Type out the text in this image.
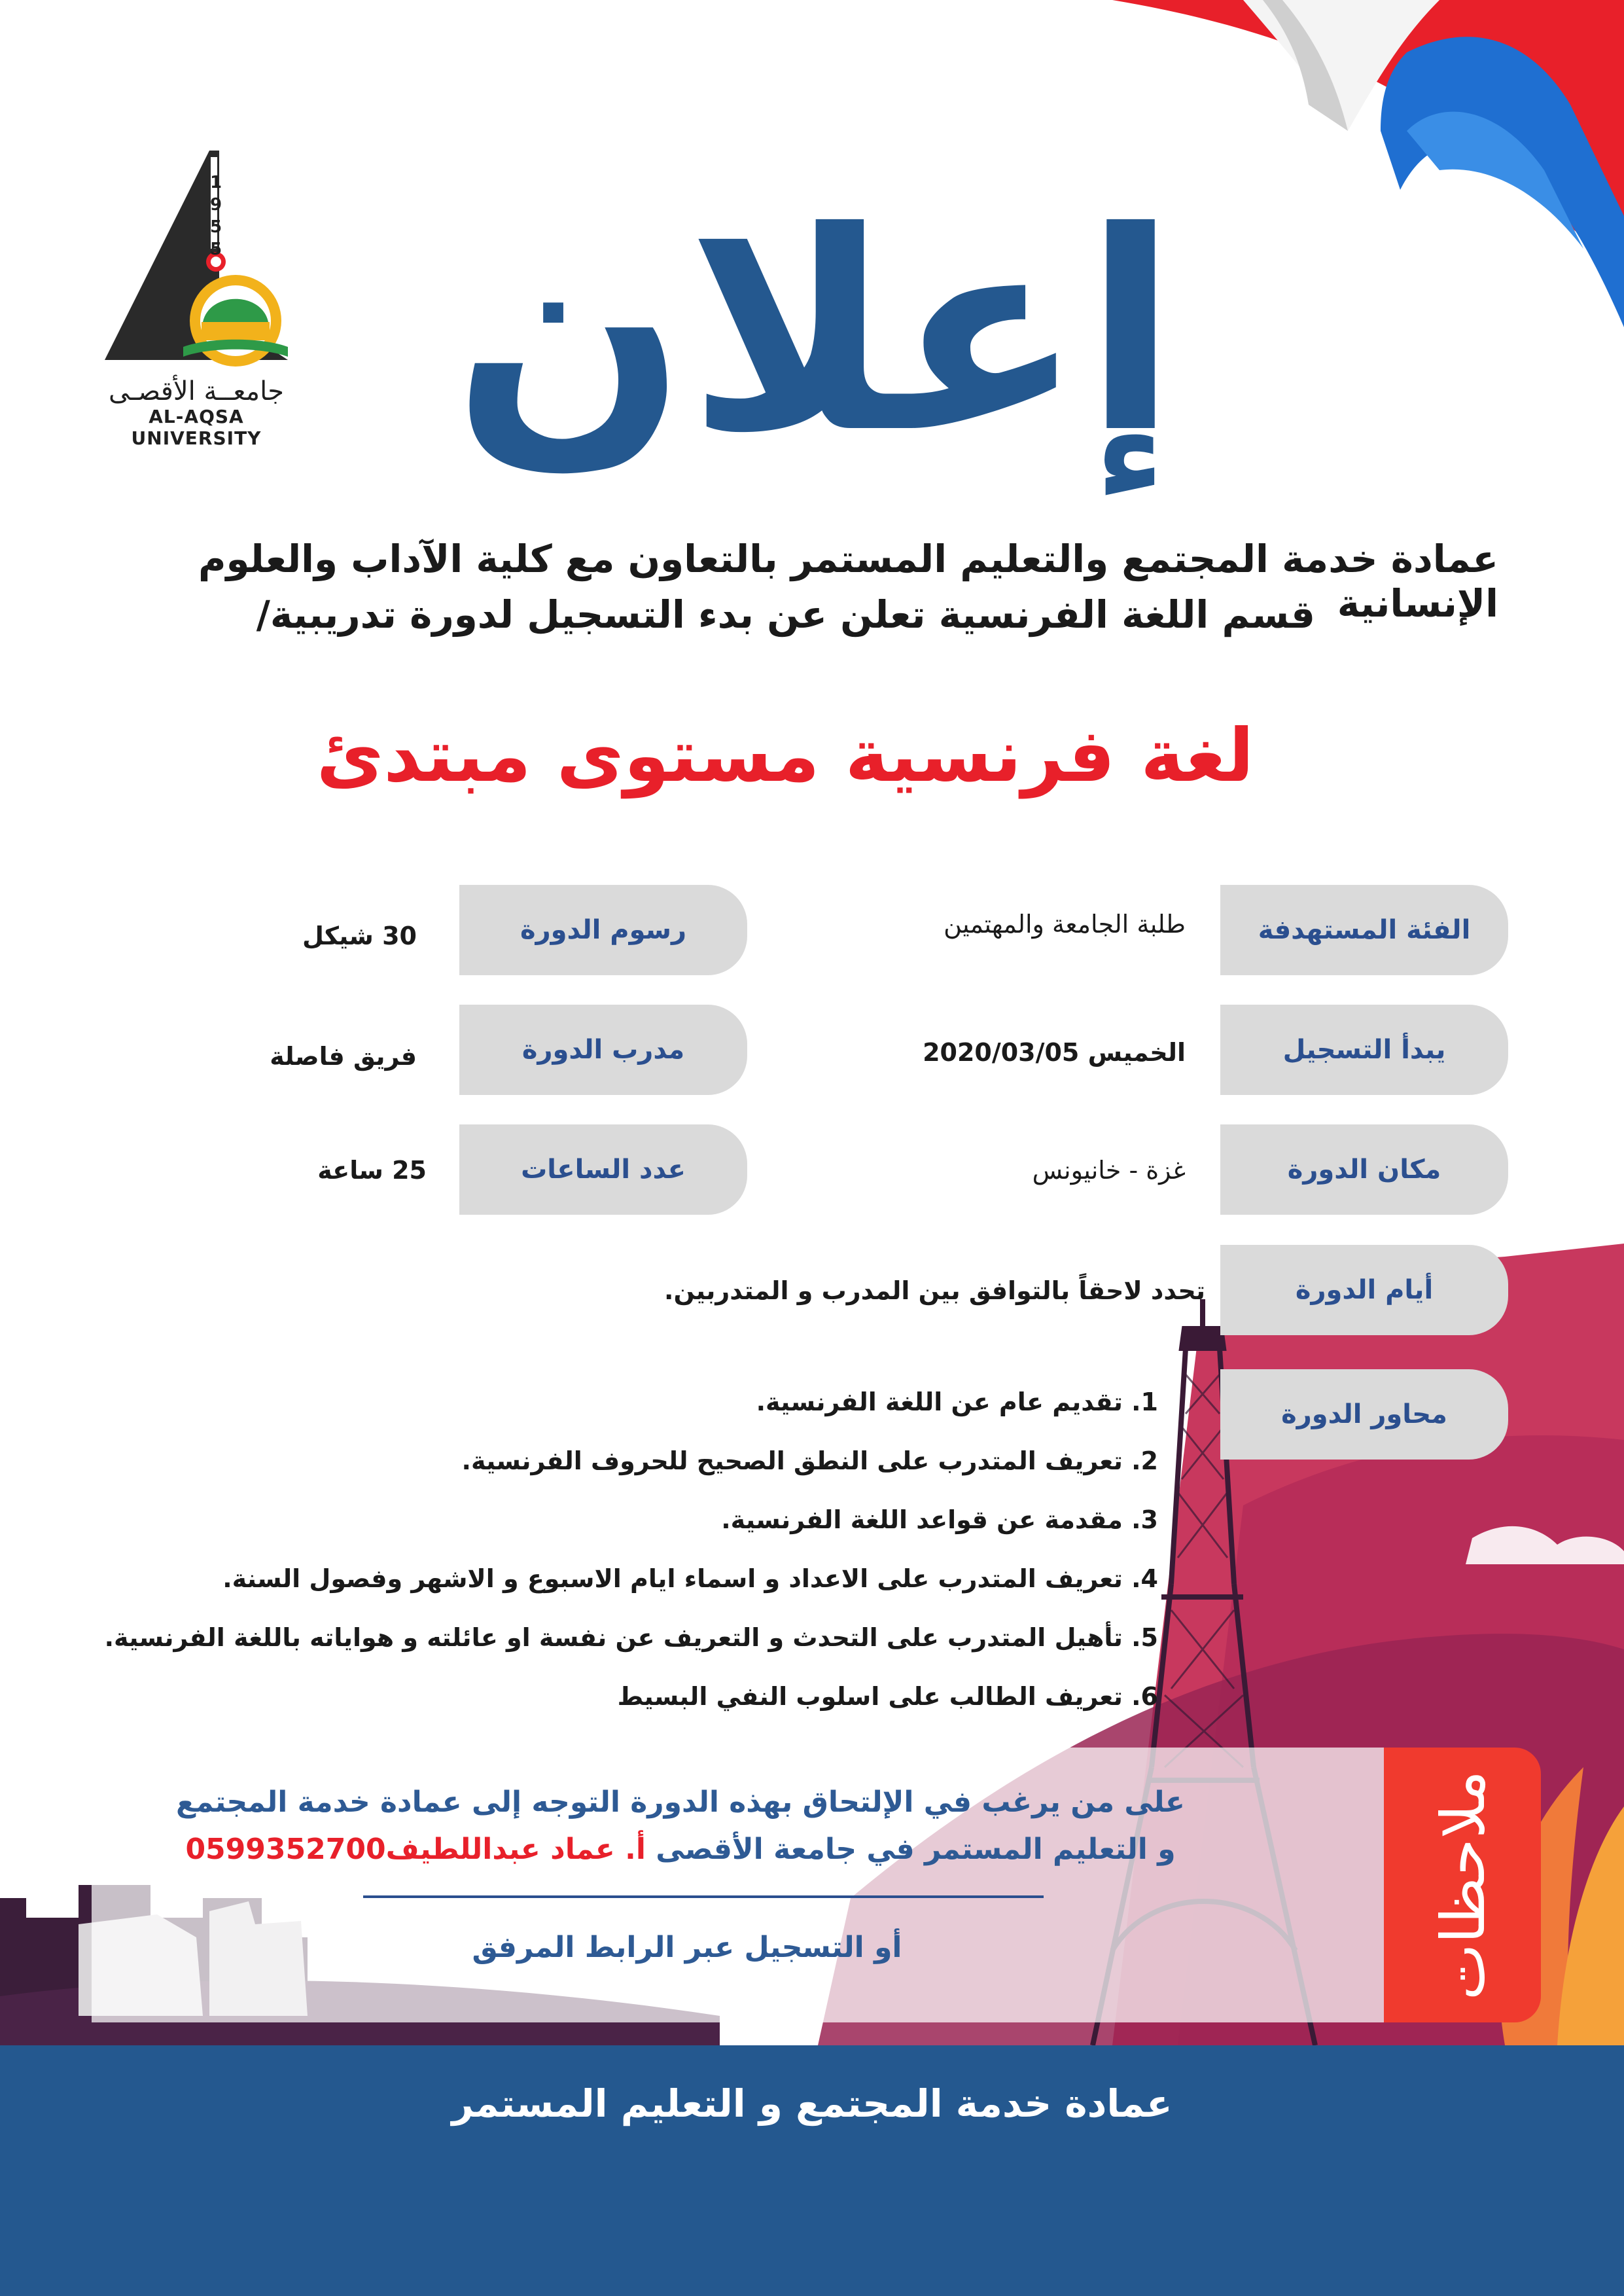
1
9
5
5
جامعــة الأقصـى
AL-AQSA UNIVERSITY إعلان
عمادة خدمة المجتمع والتعليم المستمر بالتعاون مع كلية الآداب والعلوم الإنسانية
قسم اللغة الفرنسية تعلن عن بدء التسجيل لدورة تدريبية/
لغة فرنسية مستوى مبتدئ
الفئة المستهدفة
طلبة الجامعة والمهتمين
رسوم الدورة
30 شيكل
يبدأ التسجيل
الخميس 2020/03/05
مدرب الدورة
فريق فاصلة
مكان الدورة
غزة - خانيونس
عدد الساعات
25 ساعة
أيام الدورة
تحدد لاحقاً بالتوافق بين المدرب و المتدربين.
محاور الدورة
1. تقديم عام عن اللغة الفرنسية.
2. تعريف المتدرب على النطق الصحيح للحروف الفرنسية.
3. مقدمة عن قواعد اللغة الفرنسية.
4. تعريف المتدرب على الاعداد و اسماء ايام الاسبوع و الاشهر وفصول السنة.
5. تأهيل المتدرب على التحدث و التعريف عن نفسة او عائلته و هواياته باللغة الفرنسية.
6. تعريف الطالب على اسلوب النفي البسيط
ملاحظات
على من يرغب في الإلتحاق بهذه الدورة التوجه إلى عمادة خدمة المجتمع
و التعليم المستمر في جامعة الأقصى أ. عماد عبداللطيف0599352700
أو التسجيل عبر الرابط المرفق
عمادة خدمة المجتمع و التعليم المستمر
